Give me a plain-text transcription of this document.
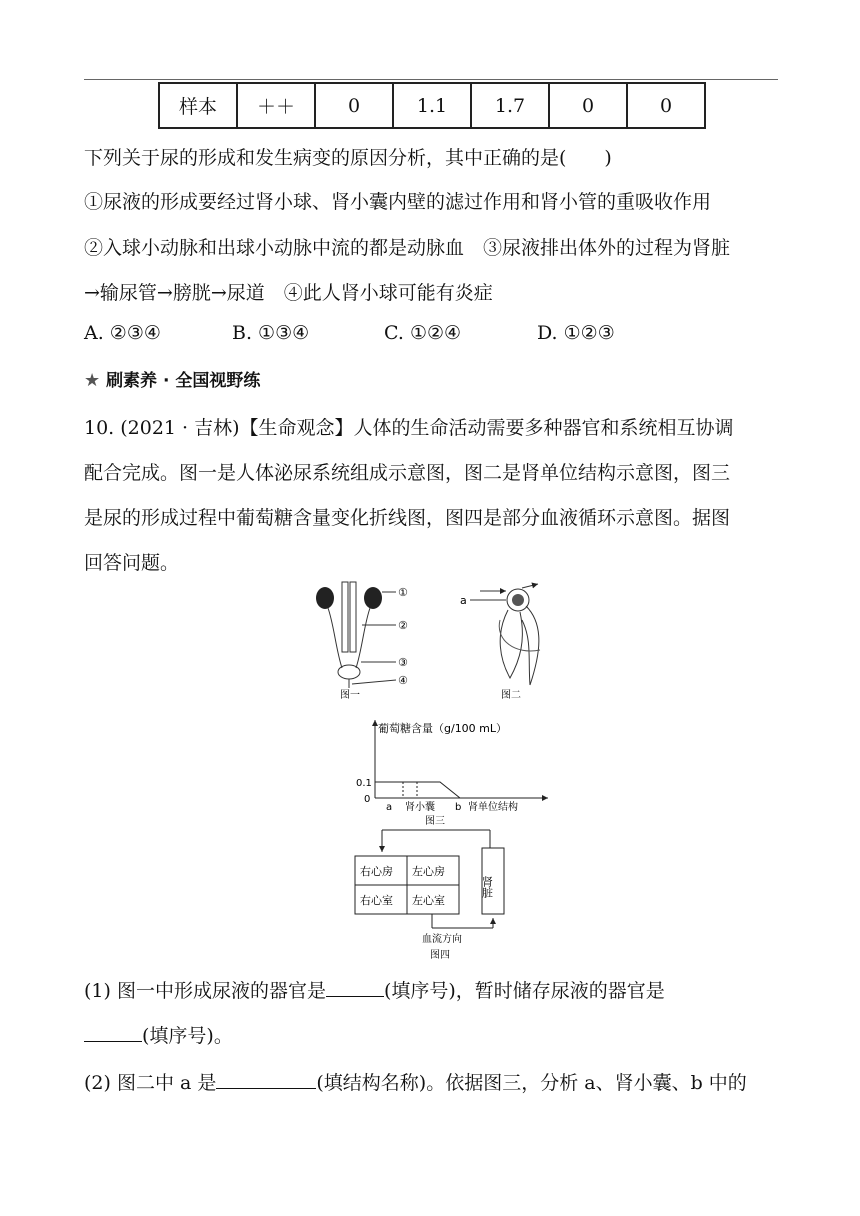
样本	＋＋	0	1.1	1.7	0	0
下列关于尿的形成和发生病变的原因分析，其中正确的是(　　)
①尿液的形成要经过肾小球、肾小囊内壁的滤过作用和肾小管的重吸收作用
②入球小动脉和出球小动脉中流的都是动脉血　③尿液排出体外的过程为肾脏
→输尿管→膀胱→尿道　④此人肾小球可能有炎症
A. ②③④	B. ①③④	C. ①②④	D. ①②③
★ 刷素养 · 全国视野练
10. (2021 · 吉林)【生命观念】人体的生命活动需要多种器官和系统相互协调
配合完成。图一是人体泌尿系统组成示意图，图二是肾单位结构示意图，图三
是尿的形成过程中葡萄糖含量变化折线图，图四是部分血液循环示意图。据图
回答问题。
①
②
③
④
图一
a
图二
葡萄糖含量（g/100 mL）
0.1
0
a 肾小囊 b 肾单位结构
图三
右心房 左心房
右心室 左心室
肾脏
血流方向
图四
(1) 图一中形成尿液的器官是	(填序号)，暂时储存尿液的器官是
(填序号)。
(2) 图二中 a 是	(填结构名称)。依据图三，分析 a、肾小囊、b 中的
